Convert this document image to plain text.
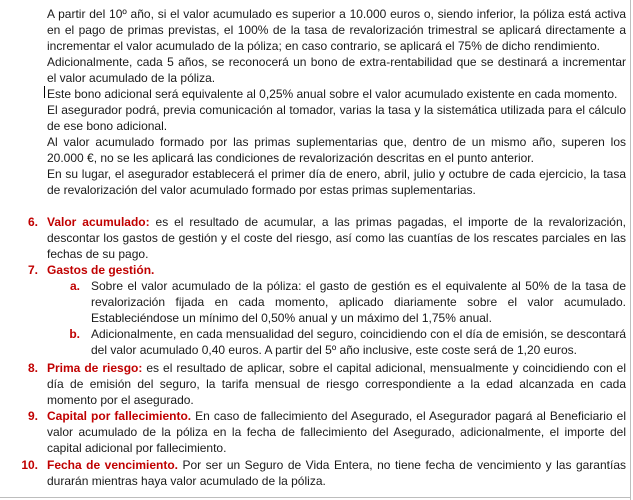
A partir del 10º año, si el valor acumulado es superior a 10.000 euros o, siendo inferior, la póliza está activa
en el pago de primas previstas, el 100% de la tasa de revalorización trimestral se aplicará directamente a
incrementar el valor acumulado de la póliza; en caso contrario, se aplicará el 75% de dicho rendimiento.
Adicionalmente, cada 5 años, se reconocerá un bono de extra-rentabilidad que se destinará a incrementar
el valor acumulado de la póliza.
Este bono adicional será equivalente al 0,25% anual sobre el valor acumulado existente en cada momento.
El asegurador podrá, previa comunicación al tomador, varias la tasa y la sistemática utilizada para el cálculo
de ese bono adicional.
Al valor acumulado formado por las primas suplementarias que, dentro de un mismo año, superen los
20.000 €, no se les aplicará las condiciones de revalorización descritas en el punto anterior.
En su lugar, el asegurador establecerá el primer día de enero, abril, julio y octubre de cada ejercicio, la tasa
de revalorización del valor acumulado formado por estas primas suplementarias.
6. Valor acumulado: es el resultado de acumular, a las primas pagadas, el importe de la revalorización,
descontar los gastos de gestión y el coste del riesgo, así como las cuantías de los rescates parciales en las
fechas de su pago.
7. Gastos de gestión.
a. Sobre el valor acumulado de la póliza: el gasto de gestión es el equivalente al 50% de la tasa de
revalorización fijada en cada momento, aplicado diariamente sobre el valor acumulado.
Estableciéndose un mínimo del 0,50% anual y un máximo del 1,75% anual.
b. Adicionalmente, en cada mensualidad del seguro, coincidiendo con el día de emisión, se descontará
del valor acumulado 0,40 euros. A partir del 5º año inclusive, este coste será de 1,20 euros.
8. Prima de riesgo: es el resultado de aplicar, sobre el capital adicional, mensualmente y coincidiendo con el
día de emisión del seguro, la tarifa mensual de riesgo correspondiente a la edad alcanzada en cada
momento por el asegurado.
9. Capital por fallecimiento. En caso de fallecimiento del Asegurado, el Asegurador pagará al Beneficiario el
valor acumulado de la póliza en la fecha de fallecimiento del Asegurado, adicionalmente, el importe del
capital adicional por fallecimiento.
10. Fecha de vencimiento. Por ser un Seguro de Vida Entera, no tiene fecha de vencimiento y las garantías
durarán mientras haya valor acumulado de la póliza.
